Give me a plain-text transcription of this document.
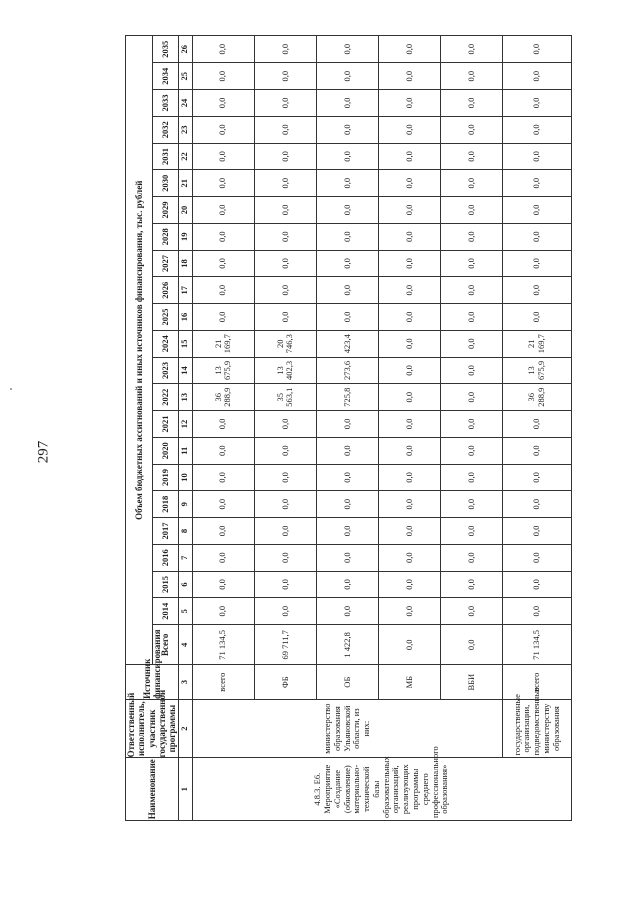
297
Наименование	Ответственный исполнитель, участник государственной программы	Источник финансирования	Объем бюджетных ассигнований и иных источников финансирования, тыс. рублей																						
			Всего	2014	2015	2016	2017	2018	2019	2020	2021	2022	2023	2024	2025	2026	2027	2028	2029	2030	2031	2032	2033	2034	2035
1	2	3	4	5	6	7	8	9	10	11	12	13	14	15	16	17	18	19	20	21	22	23	24	25	26
4.8.3. Е6. Мероприятие «Создание (обновление) материально-технической базы образовательных организаций, реализующих программы среднего профессионального образования»	министерство образования Ульяновской области, из них:	всего	71 134,5	0,0	0,0	0,0	0,0	0,0	0,0	0,0	0,0	36 288,9	13 675,9	21 169,7	0,0	0,0	0,0	0,0	0,0	0,0	0,0	0,0	0,0	0,0	0,0
		ФБ	69 711,7	0,0	0,0	0,0	0,0	0,0	0,0	0,0	0,0	35 563,1	13 402,3	20 746,3	0,0	0,0	0,0	0,0	0,0	0,0	0,0	0,0	0,0	0,0	0,0
		ОБ	1 422,8	0,0	0,0	0,0	0,0	0,0	0,0	0,0	0,0	725,8	273,6	423,4	0,0	0,0	0,0	0,0	0,0	0,0	0,0	0,0	0,0	0,0	0,0
		МБ	0,0	0,0	0,0	0,0	0,0	0,0	0,0	0,0	0,0	0,0	0,0	0,0	0,0	0,0	0,0	0,0	0,0	0,0	0,0	0,0	0,0	0,0	0,0
		ВБИ	0,0	0,0	0,0	0,0	0,0	0,0	0,0	0,0	0,0	0,0	0,0	0,0	0,0	0,0	0,0	0,0	0,0	0,0	0,0	0,0	0,0	0,0	0,0
	государственные организации, подведомственные министерству образования	всего	71 134,5	0,0	0,0	0,0	0,0	0,0	0,0	0,0	0,0	36 288,9	13 675,9	21 169,7	0,0	0,0	0,0	0,0	0,0	0,0	0,0	0,0	0,0	0,0	0,0
